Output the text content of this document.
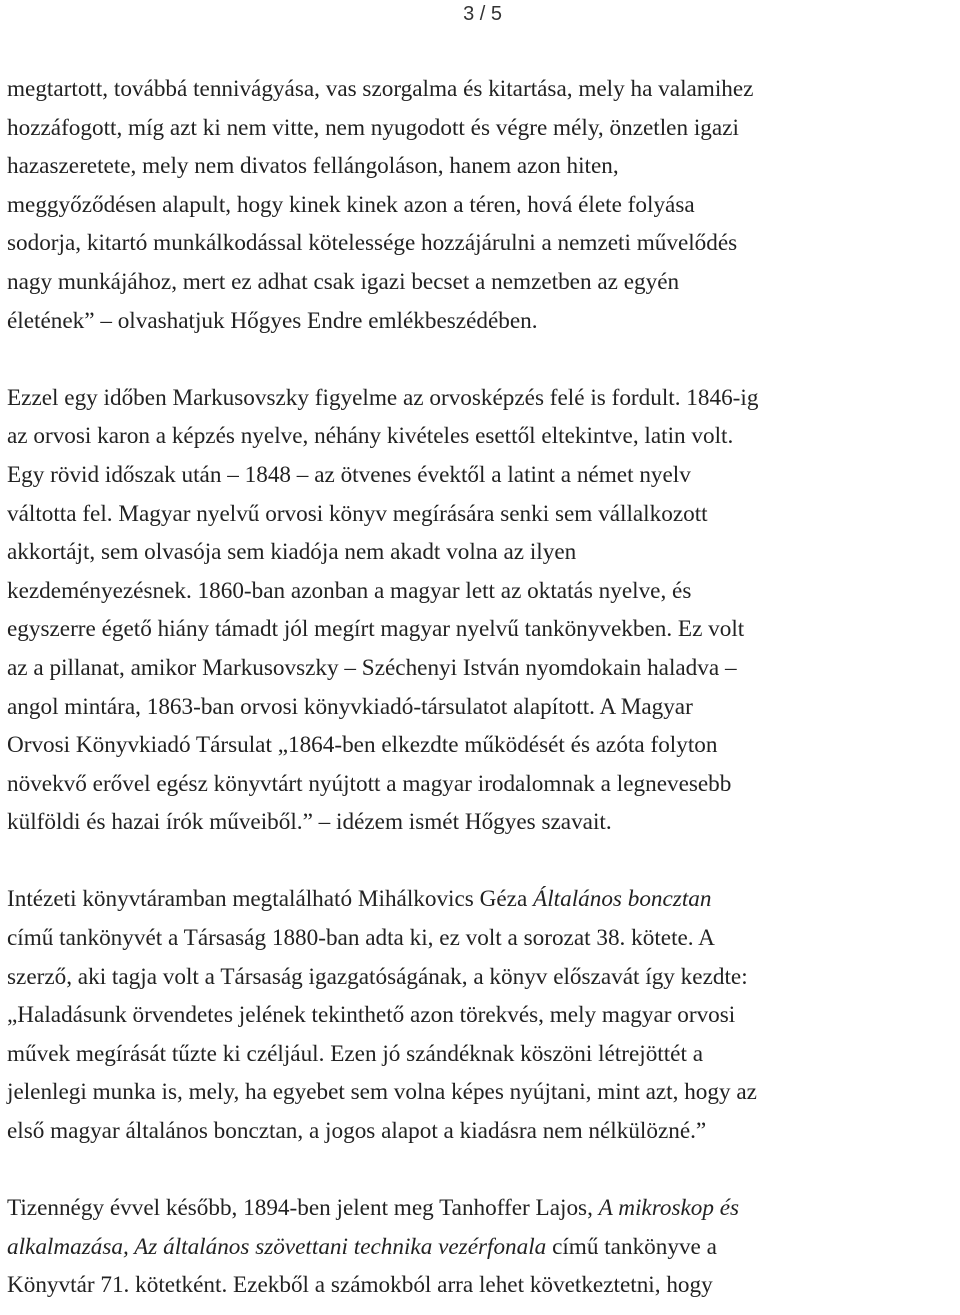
3 / 5

megtartott, továbbá tennivágyása, vas szorgalma és kitartása, mely ha valamihez
hozzáfogott, míg azt ki nem vitte, nem nyugodott és végre mély, önzetlen igazi
hazaszeretete, mely nem divatos fellángoláson, hanem azon hiten,
meggyőződésen alapult, hogy kinek kinek azon a téren, hová élete folyása
sodorja, kitartó munkálkodással kötelessége hozzájárulni a nemzeti művelődés
nagy munkájához, mert ez adhat csak igazi becset a nemzetben az egyén
életének” – olvashatjuk Hőgyes Endre emlékbeszédében.

Ezzel egy időben Markusovszky figyelme az orvosképzés felé is fordult. 1846-ig
az orvosi karon a képzés nyelve, néhány kivételes esettől eltekintve, latin volt.
Egy rövid időszak után – 1848 – az ötvenes évektől a latint a német nyelv
váltotta fel. Magyar nyelvű orvosi könyv megírására senki sem vállalkozott
akkortájt, sem olvasója sem kiadója nem akadt volna az ilyen
kezdeményezésnek. 1860-ban azonban a magyar lett az oktatás nyelve, és
egyszerre égető hiány támadt jól megírt magyar nyelvű tankönyvekben. Ez volt
az a pillanat, amikor Markusovszky – Széchenyi István nyomdokain haladva –
angol mintára, 1863-ban orvosi könyvkiadó-társulatot alapított. A Magyar
Orvosi Könyvkiadó Társulat „1864-ben elkezdte működését és azóta folyton
növekvő erővel egész könyvtárt nyújtott a magyar irodalomnak a legnevesebb
külföldi és hazai írók műveiből.” – idézem ismét Hőgyes szavait.

Intézeti könyvtáramban megtalálható Mihálkovics Géza Általános boncztan
című tankönyvét a Társaság 1880-ban adta ki, ez volt a sorozat 38. kötete. A
szerző, aki tagja volt a Társaság igazgatóságának, a könyv előszavát így kezdte:
„Haladásunk örvendetes jelének tekinthető azon törekvés, mely magyar orvosi
művek megírását tűzte ki czéljául. Ezen jó szándéknak köszöni létrejöttét a
jelenlegi munka is, mely, ha egyebet sem volna képes nyújtani, mint azt, hogy az
első magyar általános boncztan, a jogos alapot a kiadásra nem nélkülözné.”

Tizennégy évvel később, 1894-ben jelent meg Tanhoffer Lajos, A mikroskop és
alkalmazása, Az általános szövettani technika vezérfonala című tankönyve a
Könyvtár 71. kötetként. Ezekből a számokból arra lehet következtetni, hogy
